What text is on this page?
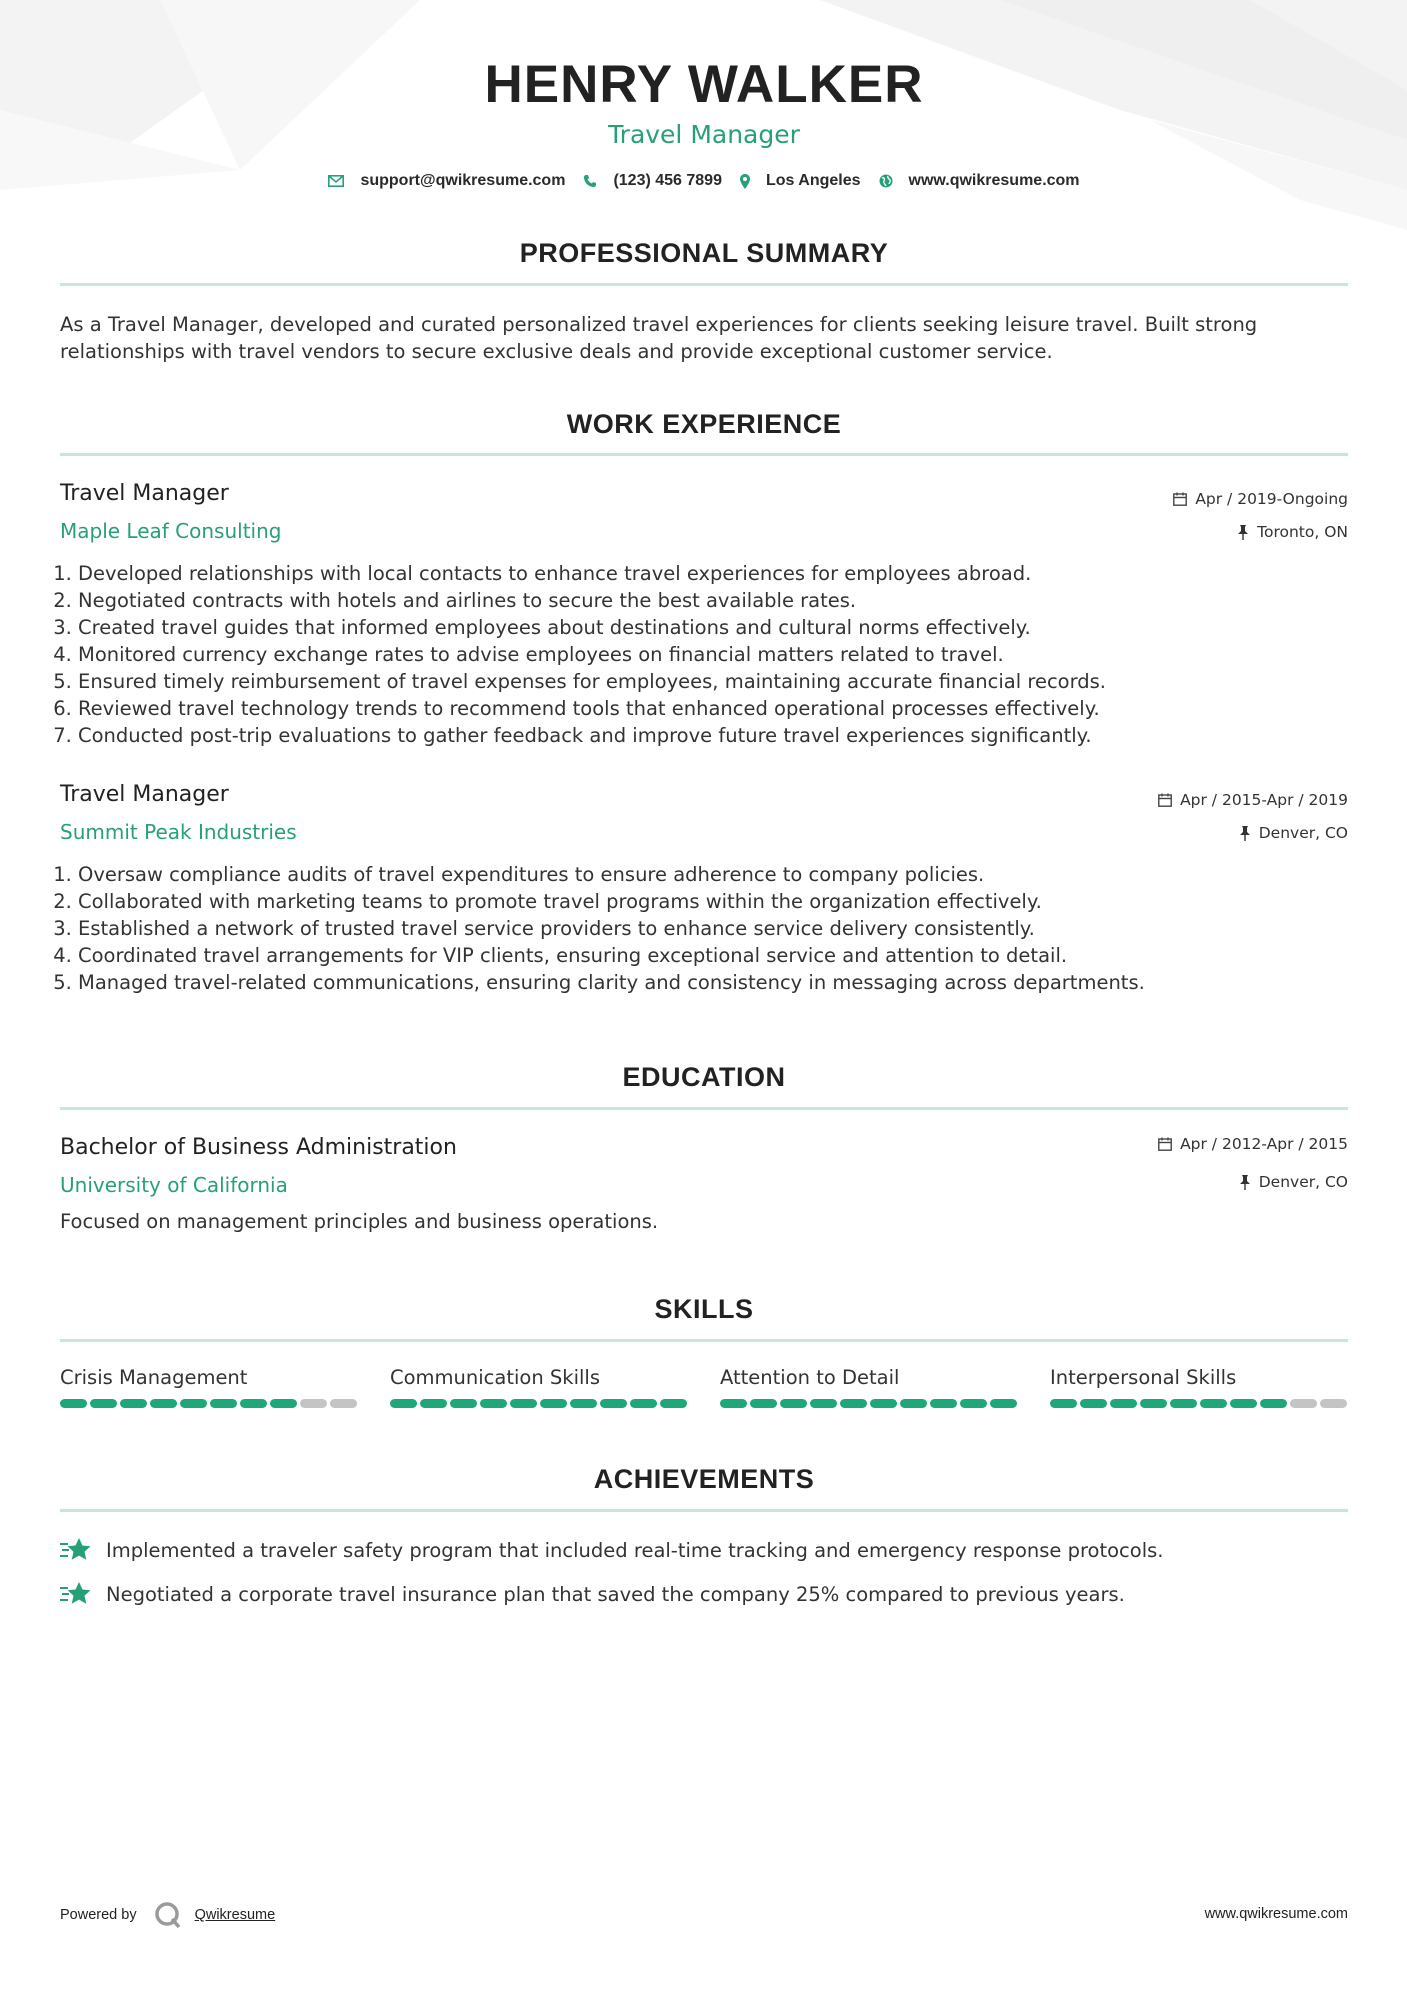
HENRY WALKER
Travel Manager
support@qwikresume.com	(123) 456 7899	Los Angeles	www.qwikresume.com
PROFESSIONAL SUMMARY
As a Travel Manager, developed and curated personalized travel experiences for clients seeking leisure travel. Built strong relationships with travel vendors to secure exclusive deals and provide exceptional customer service.
WORK EXPERIENCE
Travel Manager
Maple Leaf Consulting
Apr / 2019-Ongoing
Toronto, ON
1. Developed relationships with local contacts to enhance travel experiences for employees abroad.
2. Negotiated contracts with hotels and airlines to secure the best available rates.
3. Created travel guides that informed employees about destinations and cultural norms effectively.
4. Monitored currency exchange rates to advise employees on financial matters related to travel.
5. Ensured timely reimbursement of travel expenses for employees, maintaining accurate financial records.
6. Reviewed travel technology trends to recommend tools that enhanced operational processes effectively.
7. Conducted post-trip evaluations to gather feedback and improve future travel experiences significantly.
Travel Manager
Summit Peak Industries
Apr / 2015-Apr / 2019
Denver, CO
1. Oversaw compliance audits of travel expenditures to ensure adherence to company policies.
2. Collaborated with marketing teams to promote travel programs within the organization effectively.
3. Established a network of trusted travel service providers to enhance service delivery consistently.
4. Coordinated travel arrangements for VIP clients, ensuring exceptional service and attention to detail.
5. Managed travel-related communications, ensuring clarity and consistency in messaging across departments.
EDUCATION
Bachelor of Business Administration
University of California
Apr / 2012-Apr / 2015
Denver, CO
Focused on management principles and business operations.
SKILLS
Crisis Management	Communication Skills	Attention to Detail	Interpersonal Skills
ACHIEVEMENTS
Implemented a traveler safety program that included real-time tracking and emergency response protocols.
Negotiated a corporate travel insurance plan that saved the company 25% compared to previous years.
Powered by	Qwikresume	www.qwikresume.com
